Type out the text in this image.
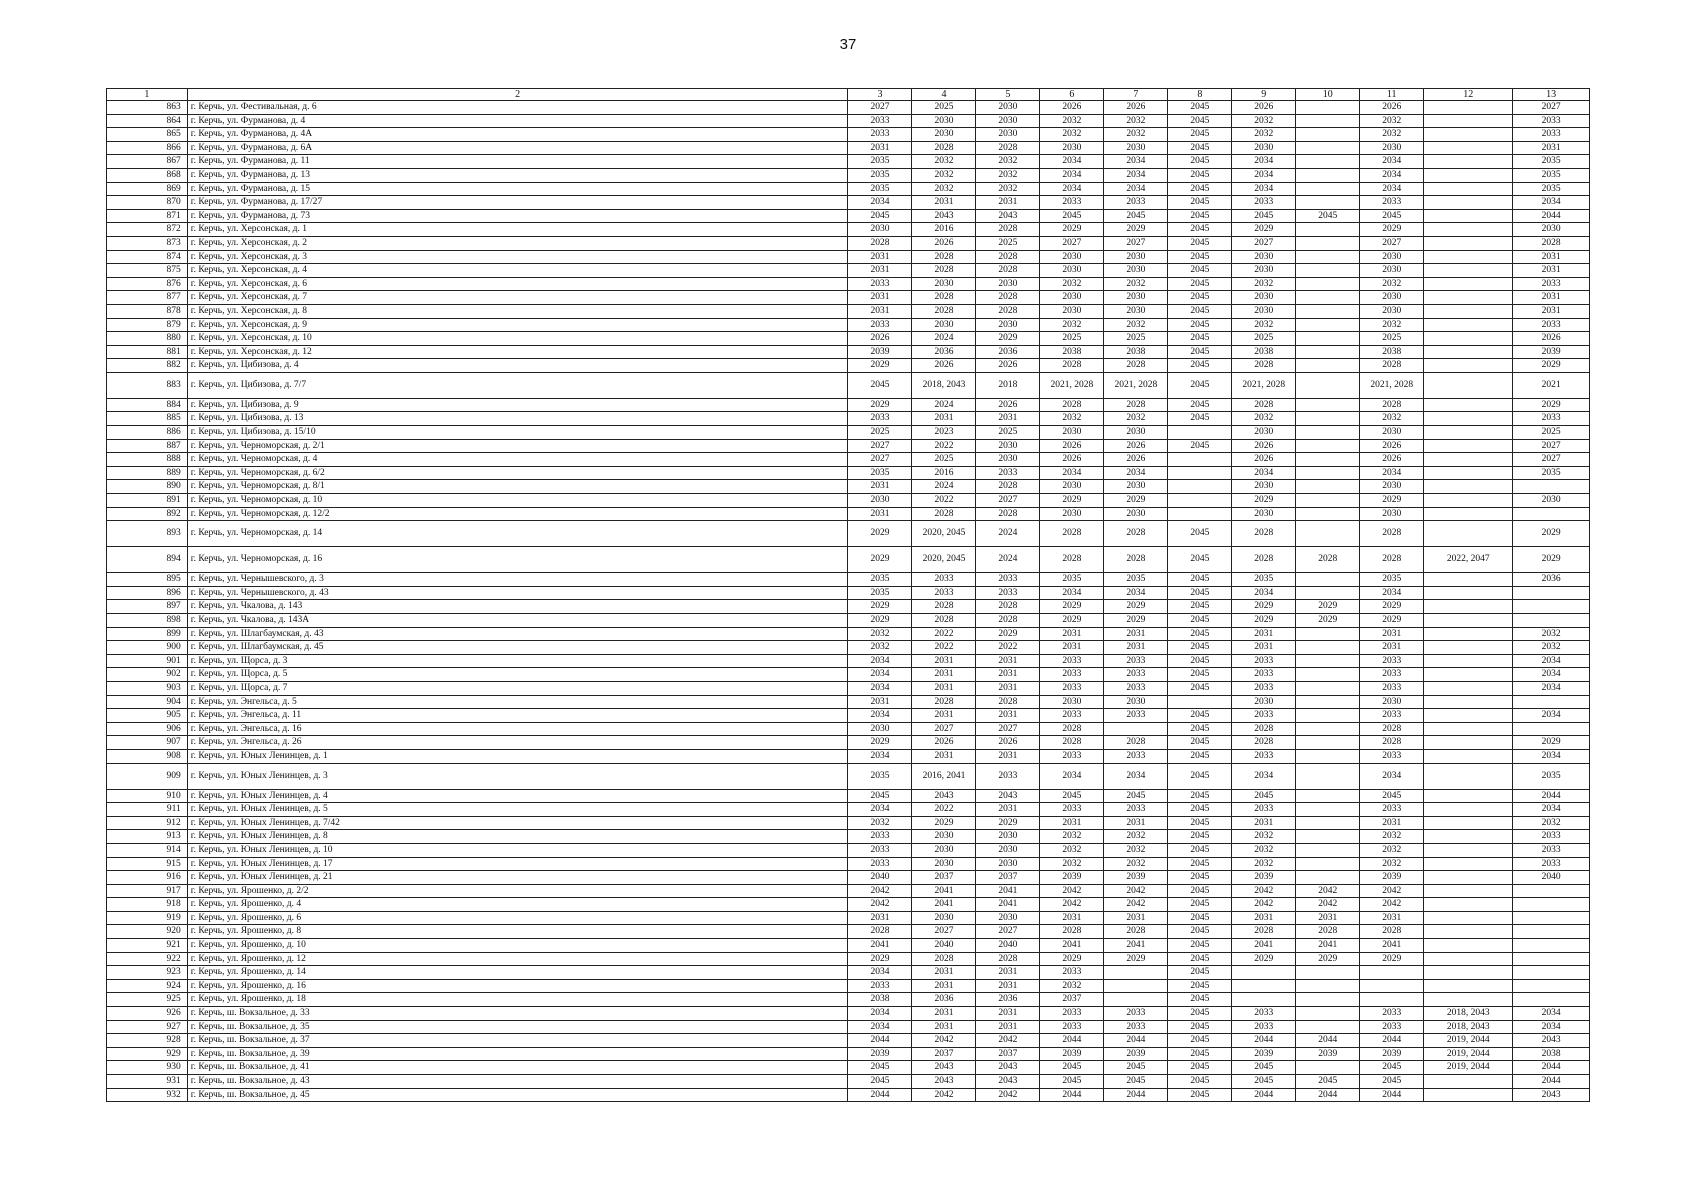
37
1	2	3	4	5	6	7	8	9	10	11	12	13
863	г. Керчь, ул. Фестивальная, д. 6	2027	2025	2030	2026	2026	2045	2026		2026		2027
864	г. Керчь, ул. Фурманова, д. 4	2033	2030	2030	2032	2032	2045	2032		2032		2033
865	г. Керчь, ул. Фурманова, д. 4А	2033	2030	2030	2032	2032	2045	2032		2032		2033
866	г. Керчь, ул. Фурманова, д. 6А	2031	2028	2028	2030	2030	2045	2030		2030		2031
867	г. Керчь, ул. Фурманова, д. 11	2035	2032	2032	2034	2034	2045	2034		2034		2035
868	г. Керчь, ул. Фурманова, д. 13	2035	2032	2032	2034	2034	2045	2034		2034		2035
869	г. Керчь, ул. Фурманова, д. 15	2035	2032	2032	2034	2034	2045	2034		2034		2035
870	г. Керчь, ул. Фурманова, д. 17/27	2034	2031	2031	2033	2033	2045	2033		2033		2034
871	г. Керчь, ул. Фурманова, д. 73	2045	2043	2043	2045	2045	2045	2045	2045	2045		2044
872	г. Керчь, ул. Херсонская, д. 1	2030	2016	2028	2029	2029	2045	2029		2029		2030
873	г. Керчь, ул. Херсонская, д. 2	2028	2026	2025	2027	2027	2045	2027		2027		2028
874	г. Керчь, ул. Херсонская, д. 3	2031	2028	2028	2030	2030	2045	2030		2030		2031
875	г. Керчь, ул. Херсонская, д. 4	2031	2028	2028	2030	2030	2045	2030		2030		2031
876	г. Керчь, ул. Херсонская, д. 6	2033	2030	2030	2032	2032	2045	2032		2032		2033
877	г. Керчь, ул. Херсонская, д. 7	2031	2028	2028	2030	2030	2045	2030		2030		2031
878	г. Керчь, ул. Херсонская, д. 8	2031	2028	2028	2030	2030	2045	2030		2030		2031
879	г. Керчь, ул. Херсонская, д. 9	2033	2030	2030	2032	2032	2045	2032		2032		2033
880	г. Керчь, ул. Херсонская, д. 10	2026	2024	2029	2025	2025	2045	2025		2025		2026
881	г. Керчь, ул. Херсонская, д. 12	2039	2036	2036	2038	2038	2045	2038		2038		2039
882	г. Керчь, ул. Цибизова, д. 4	2029	2026	2026	2028	2028	2045	2028		2028		2029
883	г. Керчь, ул. Цибизова, д. 7/7	2045	2018, 2043	2018	2021, 2028	2021, 2028	2045	2021, 2028		2021, 2028		2021
884	г. Керчь, ул. Цибизова, д. 9	2029	2024	2026	2028	2028	2045	2028		2028		2029
885	г. Керчь, ул. Цибизова, д. 13	2033	2031	2031	2032	2032	2045	2032		2032		2033
886	г. Керчь, ул. Цибизова, д. 15/10	2025	2023	2025	2030	2030		2030		2030		2025
887	г. Керчь, ул. Черноморская, д. 2/1	2027	2022	2030	2026	2026	2045	2026		2026		2027
888	г. Керчь, ул. Черноморская, д. 4	2027	2025	2030	2026	2026		2026		2026		2027
889	г. Керчь, ул. Черноморская, д. 6/2	2035	2016	2033	2034	2034		2034		2034		2035
890	г. Керчь, ул. Черноморская, д. 8/1	2031	2024	2028	2030	2030		2030		2030		
891	г. Керчь, ул. Черноморская, д. 10	2030	2022	2027	2029	2029		2029		2029		2030
892	г. Керчь, ул. Черноморская, д. 12/2	2031	2028	2028	2030	2030		2030		2030		
893	г. Керчь, ул. Черноморская, д. 14	2029	2020, 2045	2024	2028	2028	2045	2028		2028		2029
894	г. Керчь, ул. Черноморская, д. 16	2029	2020, 2045	2024	2028	2028	2045	2028	2028	2028	2022, 2047	2029
895	г. Керчь, ул. Чернышевского, д. 3	2035	2033	2033	2035	2035	2045	2035		2035		2036
896	г. Керчь, ул. Чернышевского, д. 43	2035	2033	2033	2034	2034	2045	2034		2034		
897	г. Керчь, ул. Чкалова, д. 143	2029	2028	2028	2029	2029	2045	2029	2029	2029		
898	г. Керчь, ул. Чкалова, д. 143А	2029	2028	2028	2029	2029	2045	2029	2029	2029		
899	г. Керчь, ул. Шлагбаумская, д. 43	2032	2022	2029	2031	2031	2045	2031		2031		2032
900	г. Керчь, ул. Шлагбаумская, д. 45	2032	2022	2022	2031	2031	2045	2031		2031		2032
901	г. Керчь, ул. Щорса, д. 3	2034	2031	2031	2033	2033	2045	2033		2033		2034
902	г. Керчь, ул. Щорса, д. 5	2034	2031	2031	2033	2033	2045	2033		2033		2034
903	г. Керчь, ул. Щорса, д. 7	2034	2031	2031	2033	2033	2045	2033		2033		2034
904	г. Керчь, ул. Энгельса, д. 5	2031	2028	2028	2030	2030		2030		2030		
905	г. Керчь, ул. Энгельса, д. 11	2034	2031	2031	2033	2033	2045	2033		2033		2034
906	г. Керчь, ул. Энгельса, д. 16	2030	2027	2027	2028		2045	2028		2028		
907	г. Керчь, ул. Энгельса, д. 26	2029	2026	2026	2028	2028	2045	2028		2028		2029
908	г. Керчь, ул. Юных Ленинцев, д. 1	2034	2031	2031	2033	2033	2045	2033		2033		2034
909	г. Керчь, ул. Юных Ленинцев, д. 3	2035	2016, 2041	2033	2034	2034	2045	2034		2034		2035
910	г. Керчь, ул. Юных Ленинцев, д. 4	2045	2043	2043	2045	2045	2045	2045		2045		2044
911	г. Керчь, ул. Юных Ленинцев, д. 5	2034	2022	2031	2033	2033	2045	2033		2033		2034
912	г. Керчь, ул. Юных Ленинцев, д. 7/42	2032	2029	2029	2031	2031	2045	2031		2031		2032
913	г. Керчь, ул. Юных Ленинцев, д. 8	2033	2030	2030	2032	2032	2045	2032		2032		2033
914	г. Керчь, ул. Юных Ленинцев, д. 10	2033	2030	2030	2032	2032	2045	2032		2032		2033
915	г. Керчь, ул. Юных Ленинцев, д. 17	2033	2030	2030	2032	2032	2045	2032		2032		2033
916	г. Керчь, ул. Юных Ленинцев, д. 21	2040	2037	2037	2039	2039	2045	2039		2039		2040
917	г. Керчь, ул. Ярошенко, д. 2/2	2042	2041	2041	2042	2042	2045	2042	2042	2042		
918	г. Керчь, ул. Ярошенко, д. 4	2042	2041	2041	2042	2042	2045	2042	2042	2042		
919	г. Керчь, ул. Ярошенко, д. 6	2031	2030	2030	2031	2031	2045	2031	2031	2031		
920	г. Керчь, ул. Ярошенко, д. 8	2028	2027	2027	2028	2028	2045	2028	2028	2028		
921	г. Керчь, ул. Ярошенко, д. 10	2041	2040	2040	2041	2041	2045	2041	2041	2041		
922	г. Керчь, ул. Ярошенко, д. 12	2029	2028	2028	2029	2029	2045	2029	2029	2029		
923	г. Керчь, ул. Ярошенко, д. 14	2034	2031	2031	2033		2045					
924	г. Керчь, ул. Ярошенко, д. 16	2033	2031	2031	2032		2045					
925	г. Керчь, ул. Ярошенко, д. 18	2038	2036	2036	2037		2045					
926	г. Керчь, ш. Вокзальное, д. 33	2034	2031	2031	2033	2033	2045	2033		2033	2018, 2043	2034
927	г. Керчь, ш. Вокзальное, д. 35	2034	2031	2031	2033	2033	2045	2033		2033	2018, 2043	2034
928	г. Керчь, ш. Вокзальное, д. 37	2044	2042	2042	2044	2044	2045	2044	2044	2044	2019, 2044	2043
929	г. Керчь, ш. Вокзальное, д. 39	2039	2037	2037	2039	2039	2045	2039	2039	2039	2019, 2044	2038
930	г. Керчь, ш. Вокзальное, д. 41	2045	2043	2043	2045	2045	2045	2045		2045	2019, 2044	2044
931	г. Керчь, ш. Вокзальное, д. 43	2045	2043	2043	2045	2045	2045	2045	2045	2045		2044
932	г. Керчь, ш. Вокзальное, д. 45	2044	2042	2042	2044	2044	2045	2044	2044	2044		2043
